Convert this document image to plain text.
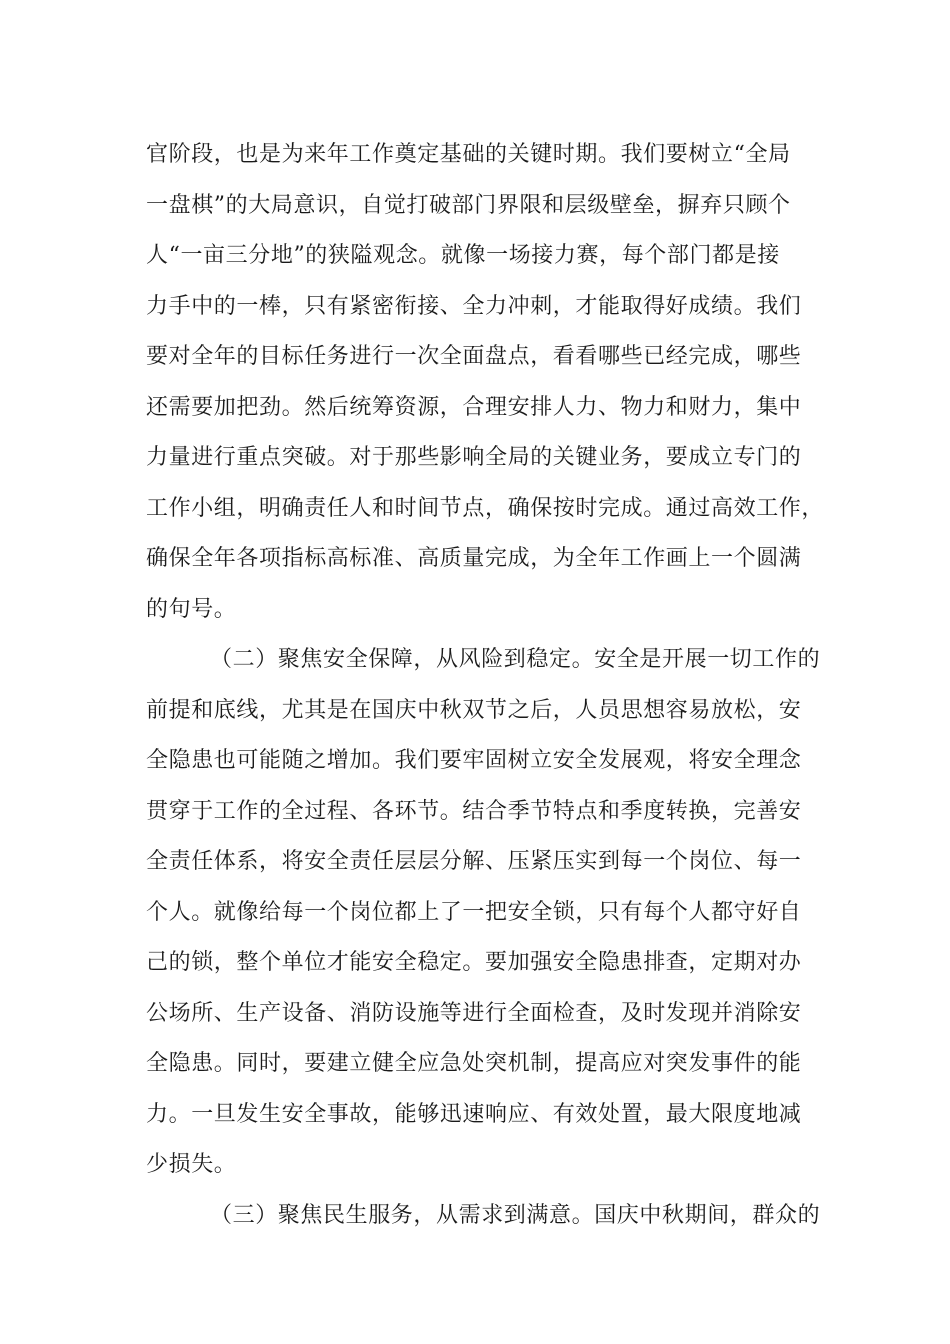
官阶段，也是为来年工作奠定基础的关键时期。我们要树立“全局
一盘棋”的大局意识，自觉打破部门界限和层级壁垒，摒弃只顾个
人“一亩三分地”的狭隘观念。就像一场接力赛，每个部门都是接
力手中的一棒，只有紧密衔接、全力冲刺，才能取得好成绩。我们
要对全年的目标任务进行一次全面盘点，看看哪些已经完成，哪些
还需要加把劲。然后统筹资源，合理安排人力、物力和财力，集中
力量进行重点突破。对于那些影响全局的关键业务，要成立专门的
工作小组，明确责任人和时间节点，确保按时完成。通过高效工作，
确保全年各项指标高标准、高质量完成，为全年工作画上一个圆满
的句号。
（二）聚焦安全保障，从风险到稳定。安全是开展一切工作的
前提和底线，尤其是在国庆中秋双节之后，人员思想容易放松，安
全隐患也可能随之增加。我们要牢固树立安全发展观，将安全理念
贯穿于工作的全过程、各环节。结合季节特点和季度转换，完善安
全责任体系，将安全责任层层分解、压紧压实到每一个岗位、每一
个人。就像给每一个岗位都上了一把安全锁，只有每个人都守好自
己的锁，整个单位才能安全稳定。要加强安全隐患排查，定期对办
公场所、生产设备、消防设施等进行全面检查，及时发现并消除安
全隐患。同时，要建立健全应急处突机制，提高应对突发事件的能
力。一旦发生安全事故，能够迅速响应、有效处置，最大限度地减
少损失。
（三）聚焦民生服务，从需求到满意。国庆中秋期间，群众的
